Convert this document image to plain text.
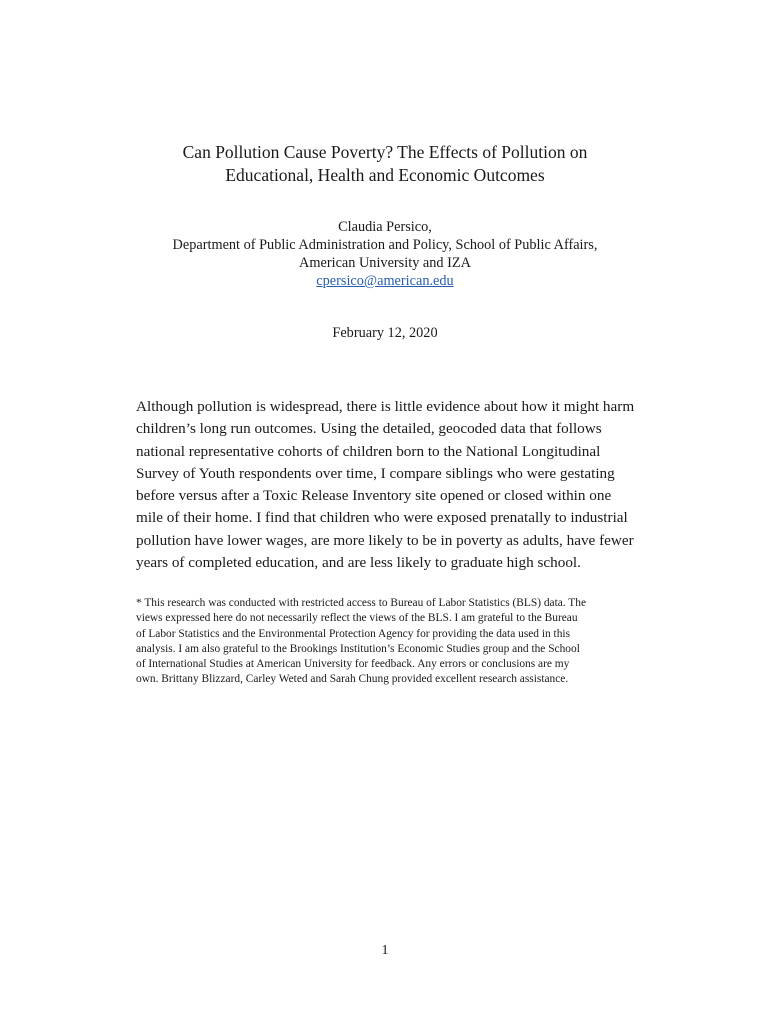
Can Pollution Cause Poverty? The Effects of Pollution on
Educational, Health and Economic Outcomes
Claudia Persico,
Department of Public Administration and Policy, School of Public Affairs,
American University and IZA
cpersico@american.edu
February 12, 2020
Although pollution is widespread, there is little evidence about how it might harm
children’s long run outcomes. Using the detailed, geocoded data that follows
national representative cohorts of children born to the National Longitudinal
Survey of Youth respondents over time, I compare siblings who were gestating
before versus after a Toxic Release Inventory site opened or closed within one
mile of their home. I find that children who were exposed prenatally to industrial
pollution have lower wages, are more likely to be in poverty as adults, have fewer
years of completed education, and are less likely to graduate high school.
* This research was conducted with restricted access to Bureau of Labor Statistics (BLS) data. The
views expressed here do not necessarily reflect the views of the BLS. I am grateful to the Bureau
of Labor Statistics and the Environmental Protection Agency for providing the data used in this
analysis. I am also grateful to the Brookings Institution’s Economic Studies group and the School
of International Studies at American University for feedback. Any errors or conclusions are my
own. Brittany Blizzard, Carley Weted and Sarah Chung provided excellent research assistance.
1
